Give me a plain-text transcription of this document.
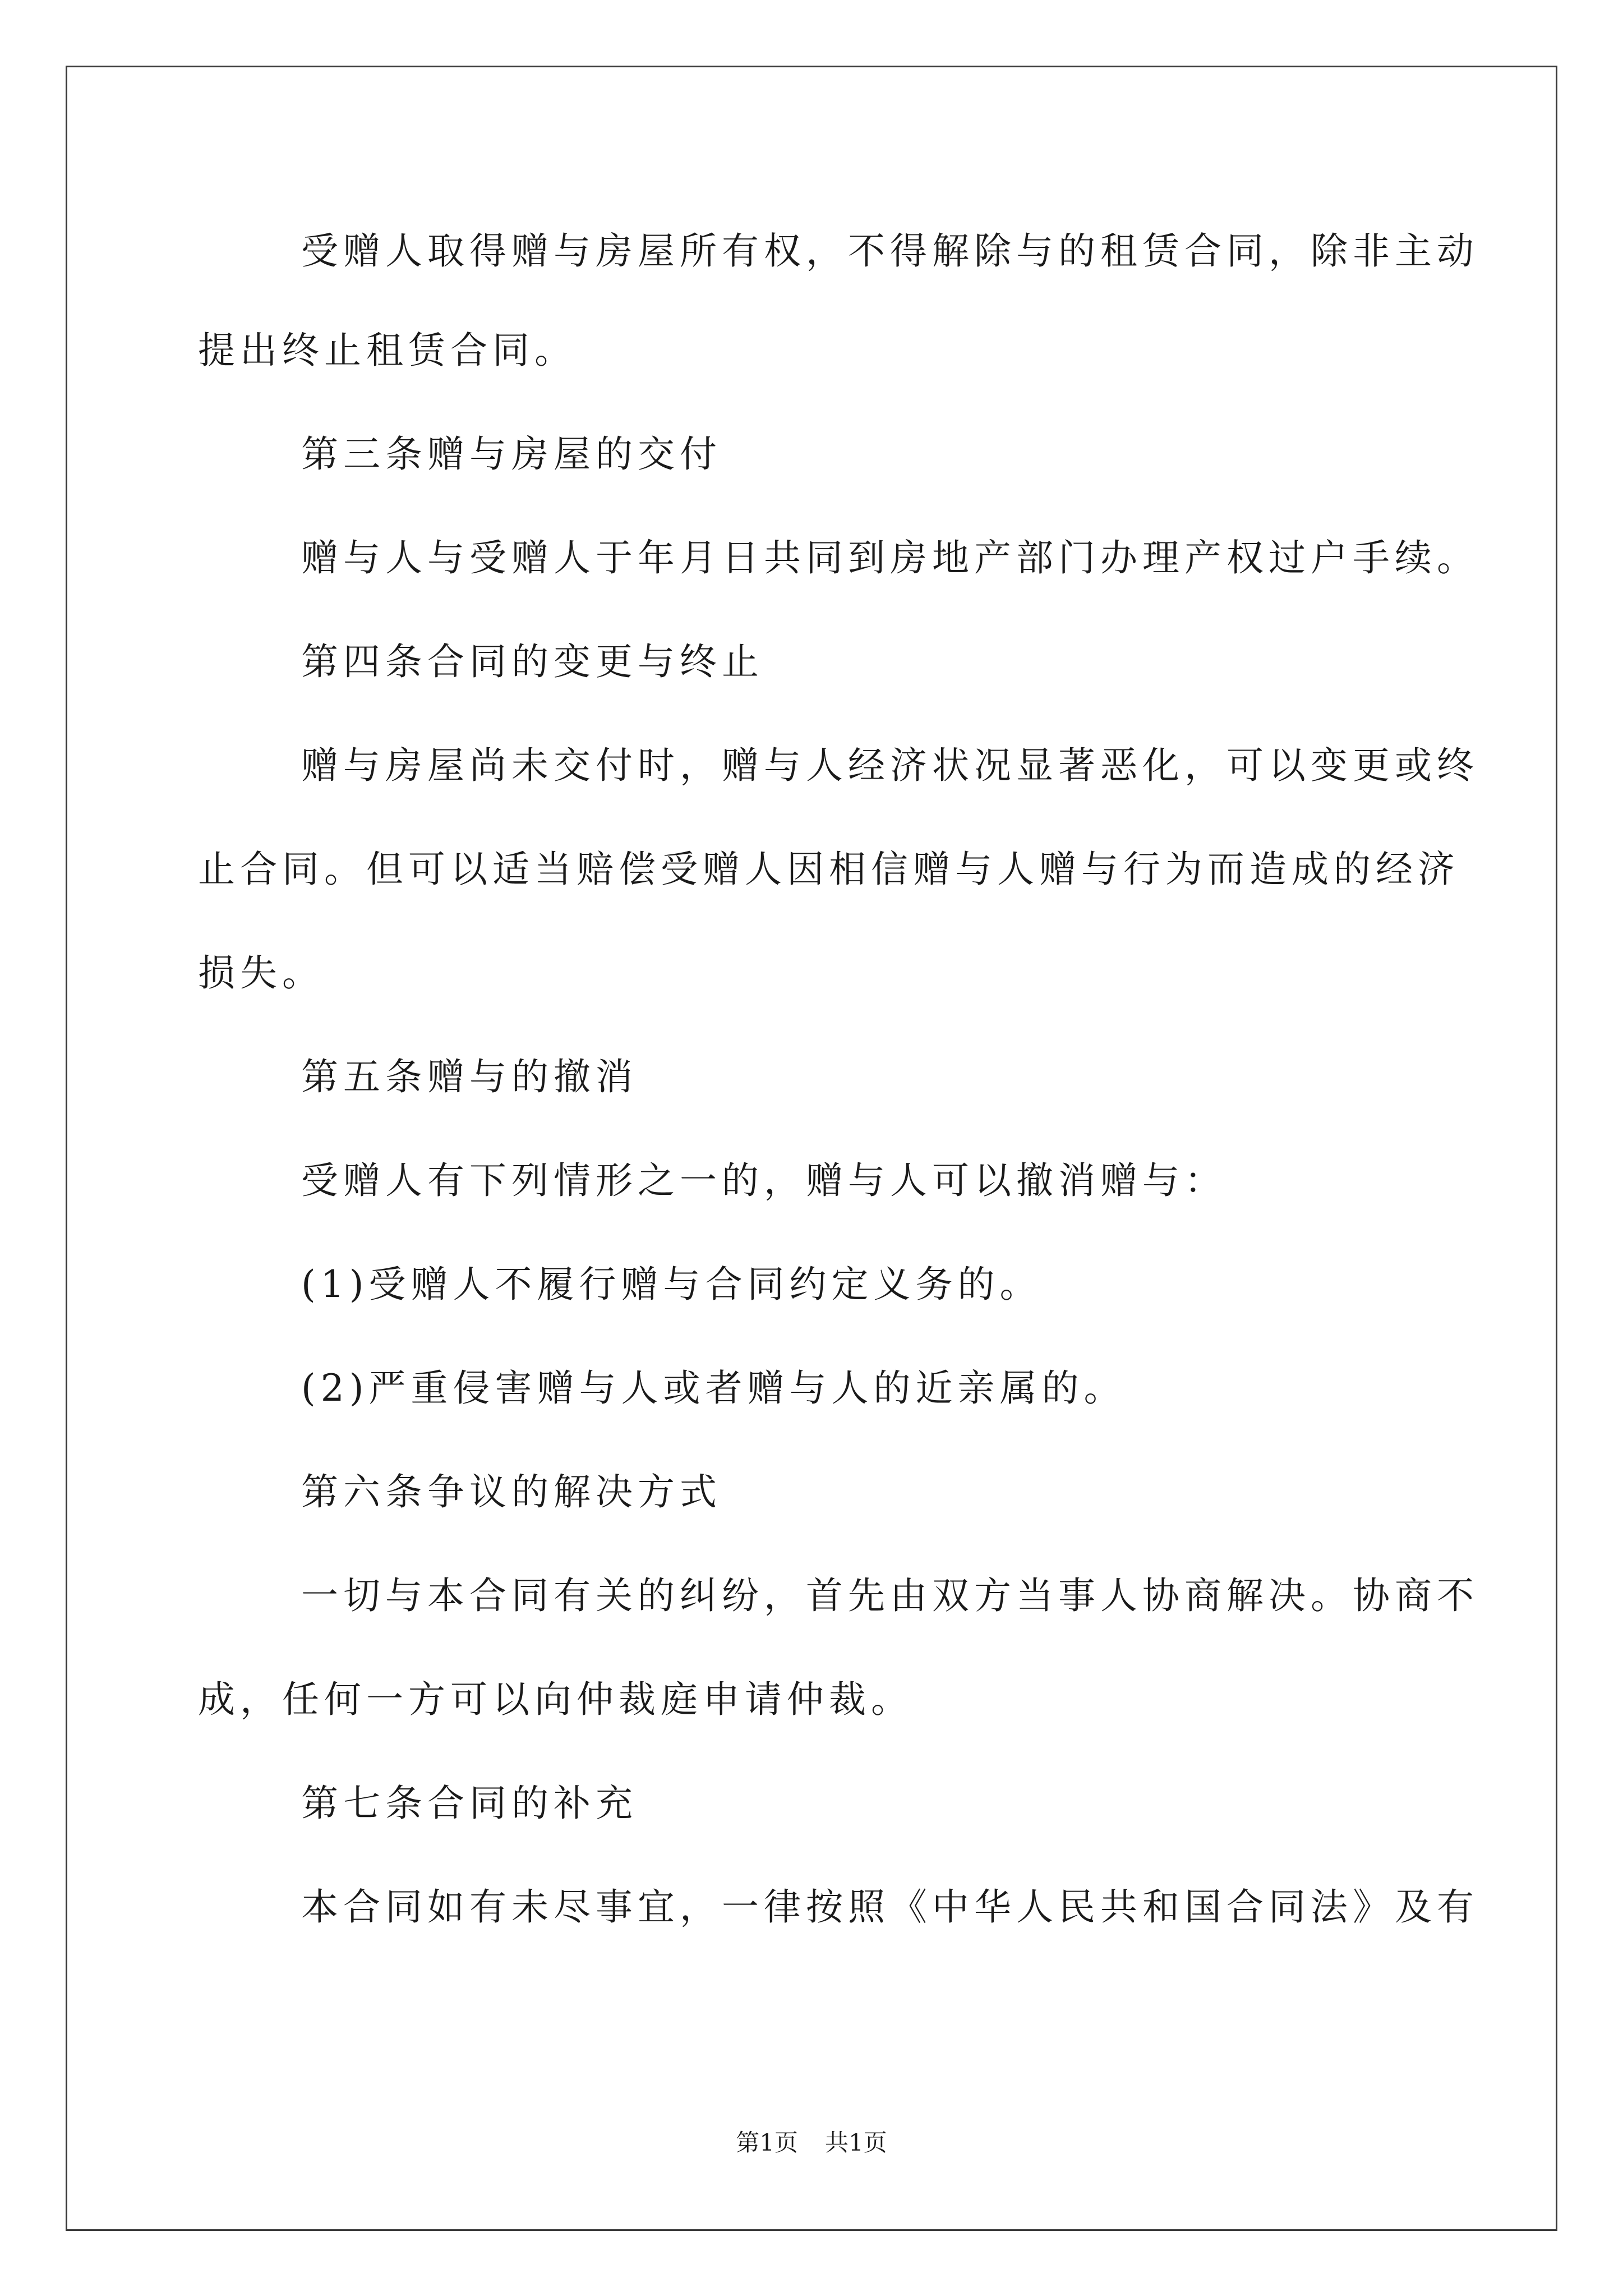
受赠人取得赠与房屋所有权，不得解除与的租赁合同，除非主动
提出终止租赁合同。
第三条赠与房屋的交付
赠与人与受赠人于年月日共同到房地产部门办理产权过户手续。
第四条合同的变更与终止
赠与房屋尚未交付时，赠与人经济状况显著恶化，可以变更或终
止合同。但可以适当赔偿受赠人因相信赠与人赠与行为而造成的经济
损失。
第五条赠与的撤消
受赠人有下列情形之一的，赠与人可以撤消赠与：
(1)受赠人不履行赠与合同约定义务的。
(2)严重侵害赠与人或者赠与人的近亲属的。
第六条争议的解决方式
一切与本合同有关的纠纷，首先由双方当事人协商解决。协商不
成，任何一方可以向仲裁庭申请仲裁。
第七条合同的补充
本合同如有未尽事宜，一律按照《中华人民共和国合同法》及有
第1页 共1页
